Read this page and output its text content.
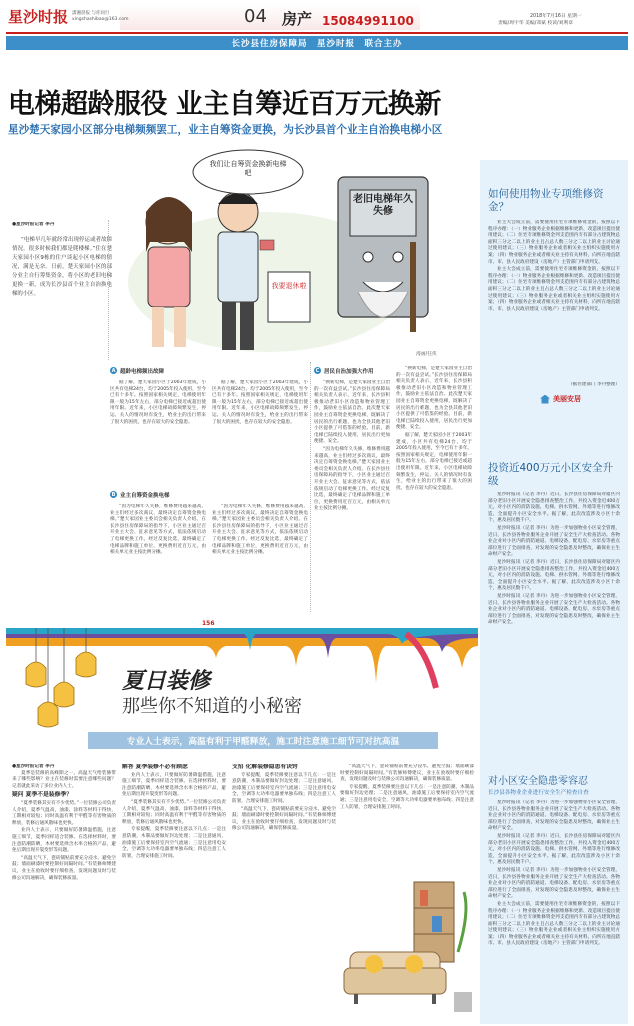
星沙时报 潇湘晨报 与你同行
xingshashibao@163.com	04 房产 15084991100	2018年7月16日 星期一
责编/周宇华 美编/邓斌 校读/刘利章
长沙县住房保障局　星沙时报　联合主办
电梯超龄服役 业主自筹近百万元换新
星沙楚天家园小区部分电梯频频罢工，业主自筹资金更换，为长沙县首个业主自治换电梯小区
我们让自筹资金换新电梯吧
老旧电梯年久失修
我要退休啦
漫画/任侠
●星沙时报记者 李丹

“电梯早几年就经常出现停运或者故障情况，很多时候我们都是爬楼梯。”住在楚天家园小区9栋的住户谈起小区电梯的情况，满是无奈。日前，楚天家园小区的部分业主自行筹集资金，将小区的老旧电梯更换一新，成为长沙县首个业主自治换电梯的小区。

A 超龄电梯频出故障

据了解，楚天家园小区于2003年建成，小区共有电梯24台，均于2005年投入使用，至今已有十多年。按照国家相关规定，电梯使用年限一般为15年左右，部分电梯已接近或超出使用年限。近年来，小区电梯故障频繁发生，停运、关人的情况时有发生，给业主的出行带来了很大的困扰，也存在较大的安全隐患。

据了解，楚天家园小区于2003年建成，小区共有电梯24台，均于2005年投入使用，至今已有十多年。按照国家相关规定，电梯使用年限一般为15年左右，部分电梯已接近或超出使用年限。近年来，小区电梯故障频繁发生，停运、关人的情况时有发生，给业主的出行带来了很大的困扰，也存在较大的安全隐患。

B 业主自筹资金换电梯

“因为电梯年久失修，维修费用越来越高，业主们经过多次商议，最终决定自筹资金换电梯。”楚天家园业主委员会相关负责人介绍。在长沙县住房保障局的指导下，小区业主通过召开业主大会、征求意见等方式，依法依规启动了电梯更换工作。经过反复比选，最终确定了电梯品牌和施工单位，更换费用近百万元，由相关单元业主按比例分摊。

“因为电梯年久失修，维修费用越来越高，业主们经过多次商议，最终决定自筹资金换电梯。”楚天家园业主委员会相关负责人介绍。在长沙县住房保障局的指导下，小区业主通过召开业主大会、征求意见等方式，依法依规启动了电梯更换工作。经过反复比选，最终确定了电梯品牌和施工单位，更换费用近百万元，由相关单元业主按比例分摊。

C 居民自治加强大作用

“换新电梯，是楚天家园业主自治的一次有益尝试。”长沙县住房保障局相关负责人表示，近年来，长沙县积极推动老旧小区改造和物业管理工作，鼓励业主依法自治。此次楚天家园业主自筹资金更换电梯，既解决了居民的出行难题，也为全县其他老旧小区提供了可借鉴的经验。目前，新电梯已陆续投入使用，居民出行更加便捷、安全。

“因为电梯年久失修，维修费用越来越高，业主们经过多次商议，最终决定自筹资金换电梯。”楚天家园业主委员会相关负责人介绍。在长沙县住房保障局的指导下，小区业主通过召开业主大会、征求意见等方式，依法依规启动了电梯更换工作。经过反复比选，最终确定了电梯品牌和施工单位，更换费用近百万元，由相关单元业主按比例分摊。

“换新电梯，是楚天家园业主自治的一次有益尝试。”长沙县住房保障局相关负责人表示，近年来，长沙县积极推动老旧小区改造和物业管理工作，鼓励业主依法自治。此次楚天家园业主自筹资金更换电梯，既解决了居民的出行难题，也为全县其他老旧小区提供了可借鉴的经验。目前，新电梯已陆续投入使用，居民出行更加便捷、安全。

据了解，楚天家园小区于2003年建成，小区共有电梯24台，均于2005年投入使用，至今已有十多年。按照国家相关规定，电梯使用年限一般为15年左右，部分电梯已接近或超出使用年限。近年来，小区电梯故障频繁发生，停运、关人的情况时有发生，给业主的出行带来了很大的困扰，也存在较大的安全隐患。

156
如何使用物业专项维修资金？

业主大会成立前，需要使用住宅专项维修资金的，按照以下程序办理：（一）物业服务企业根据维修和更新、改造项目提出使用建议；（二）住宅专项维修资金列支范围内专有部分占建筑物总面积三分之二以上的业主且占总人数三分之二以上的业主讨论通过使用建议；（三）物业服务企业或者相关业主组织实施使用方案；（四）物业服务企业或者相关业主持有关材料，向所在地直辖市、市、县人民政府建设（房地产）主管部门申请列支。

业主大会成立前，需要使用住宅专项维修资金的，按照以下程序办理：（一）物业服务企业根据维修和更新、改造项目提出使用建议；（二）住宅专项维修资金列支范围内专有部分占建筑物总面积三分之二以上的业主且占总人数三分之二以上的业主讨论通过使用建议；（三）物业服务企业或者相关业主组织实施使用方案；（四）物业服务企业或者相关业主持有关材料，向所在地直辖市、市、县人民政府建设（房地产）主管部门申请列支。

（据住建部门 李丹整理）
美丽安居
投资近400万元小区安全升级

星沙时报讯（记者 李丹）近日，长沙县住房保障局对辖区内部分老旧小区开展安全隐患排查整治工作，共投入资金近400万元，对小区内的消防设施、电梯、供水管网、外墙等进行维修改造，全面提升小区安全水平。据了解，此次改造涉及小区十余个，惠及居民数千户。

星沙时报讯（记者 李丹）为进一步加强物业小区安全管理，近日，长沙县各物业服务企业开展了安全生产大检查活动。各物业企业对小区内的消防通道、电梯设备、配电房、水泵房等重点部位进行了全面排查，对发现的安全隐患及时整改，确保业主生命财产安全。

星沙时报讯（记者 李丹）近日，长沙县住房保障局对辖区内部分老旧小区开展安全隐患排查整治工作，共投入资金近400万元，对小区内的消防设施、电梯、供水管网、外墙等进行维修改造，全面提升小区安全水平。据了解，此次改造涉及小区十余个，惠及居民数千户。

星沙时报讯（记者 李丹）为进一步加强物业小区安全管理，近日，长沙县各物业服务企业开展了安全生产大检查活动。各物业企业对小区内的消防通道、电梯设备、配电房、水泵房等重点部位进行了全面排查，对发现的安全隐患及时整改，确保业主生命财产安全。

对小区安全隐患零容忍
长沙县各物业企业进行安全生产检查自查

星沙时报讯（记者 李丹）为进一步加强物业小区安全管理，近日，长沙县各物业服务企业开展了安全生产大检查活动。各物业企业对小区内的消防通道、电梯设备、配电房、水泵房等重点部位进行了全面排查，对发现的安全隐患及时整改，确保业主生命财产安全。

星沙时报讯（记者 李丹）近日，长沙县住房保障局对辖区内部分老旧小区开展安全隐患排查整治工作，共投入资金近400万元，对小区内的消防设施、电梯、供水管网、外墙等进行维修改造，全面提升小区安全水平。据了解，此次改造涉及小区十余个，惠及居民数千户。

星沙时报讯（记者 李丹）为进一步加强物业小区安全管理，近日，长沙县各物业服务企业开展了安全生产大检查活动。各物业企业对小区内的消防通道、电梯设备、配电房、水泵房等重点部位进行了全面排查，对发现的安全隐患及时整改，确保业主生命财产安全。

业主大会成立前，需要使用住宅专项维修资金的，按照以下程序办理：（一）物业服务企业根据维修和更新、改造项目提出使用建议；（二）住宅专项维修资金列支范围内专有部分占建筑物总面积三分之二以上的业主且占总人数三分之二以上的业主讨论通过使用建议；（三）物业服务企业或者相关业主组织实施使用方案；（四）物业服务企业或者相关业主持有关材料，向所在地直辖市、市、县人民政府建设（房地产）主管部门申请列支。

夏日装修
那些你不知道的小秘密
专业人士表示，高温有利于甲醛释放，施工时注意施工细节可对抗高温
●星沙时报记者 李丹

夏季是装修的高峰期之一，高温天气给装修带来了哪些影响？业主在装修时需要注意哪些问题？记者就此采访了多位业内人士。

疑问 夏季不是装修季？

“夏季装修其实有不少优势。”一位装修公司负责人介绍，夏季气温高，油漆、涂料等材料干得快，工期相对较短；同时高温有利于甲醛等有害物质的释放，装修后通风散味也更快。

业内人士表示，只要做好防暑降温措施，注意施工细节，夏季同样适合装修。在选择材料时，要注意防潮防晒，木材要选择含水率合格的产品，避免后期出现开裂变形等问题。

“高温天气下，瓷砖铺贴前要充分浸水，避免空鼓；墙面刷漆时要控制好间隔时间。”有装修师傅建议，业主在验收时要仔细检查，发现问题及时与装修公司沟通解决，确保装修质量。

解答 夏季装修不必有顾虑

业内人士表示，只要做好防暑降温措施，注意施工细节，夏季同样适合装修。在选择材料时，要注意防潮防晒，木材要选择含水率合格的产品，避免后期出现开裂变形等问题。

“夏季装修其实有不少优势。”一位装修公司负责人介绍，夏季气温高，油漆、涂料等材料干得快，工期相对较短；同时高温有利于甲醛等有害物质的释放，装修后通风散味也更快。

专家提醒，夏季装修要注意以下几点：一是注意防潮，木制品要做好封边处理；二是注意通风，油漆施工后要保持室内空气流通；三是注意用电安全，空调等大功率电器要单独布线；四是注意工人防暑，合理安排施工时间。

支招 化解装修隐患有诀窍

专家提醒，夏季装修要注意以下几点：一是注意防潮，木制品要做好封边处理；二是注意通风，油漆施工后要保持室内空气流通；三是注意用电安全，空调等大功率电器要单独布线；四是注意工人防暑，合理安排施工时间。

“高温天气下，瓷砖铺贴前要充分浸水，避免空鼓；墙面刷漆时要控制好间隔时间。”有装修师傅建议，业主在验收时要仔细检查，发现问题及时与装修公司沟通解决，确保装修质量。

“高温天气下，瓷砖铺贴前要充分浸水，避免空鼓；墙面刷漆时要控制好间隔时间。”有装修师傅建议，业主在验收时要仔细检查，发现问题及时与装修公司沟通解决，确保装修质量。

专家提醒，夏季装修要注意以下几点：一是注意防潮，木制品要做好封边处理；二是注意通风，油漆施工后要保持室内空气流通；三是注意用电安全，空调等大功率电器要单独布线；四是注意工人防暑，合理安排施工时间。
